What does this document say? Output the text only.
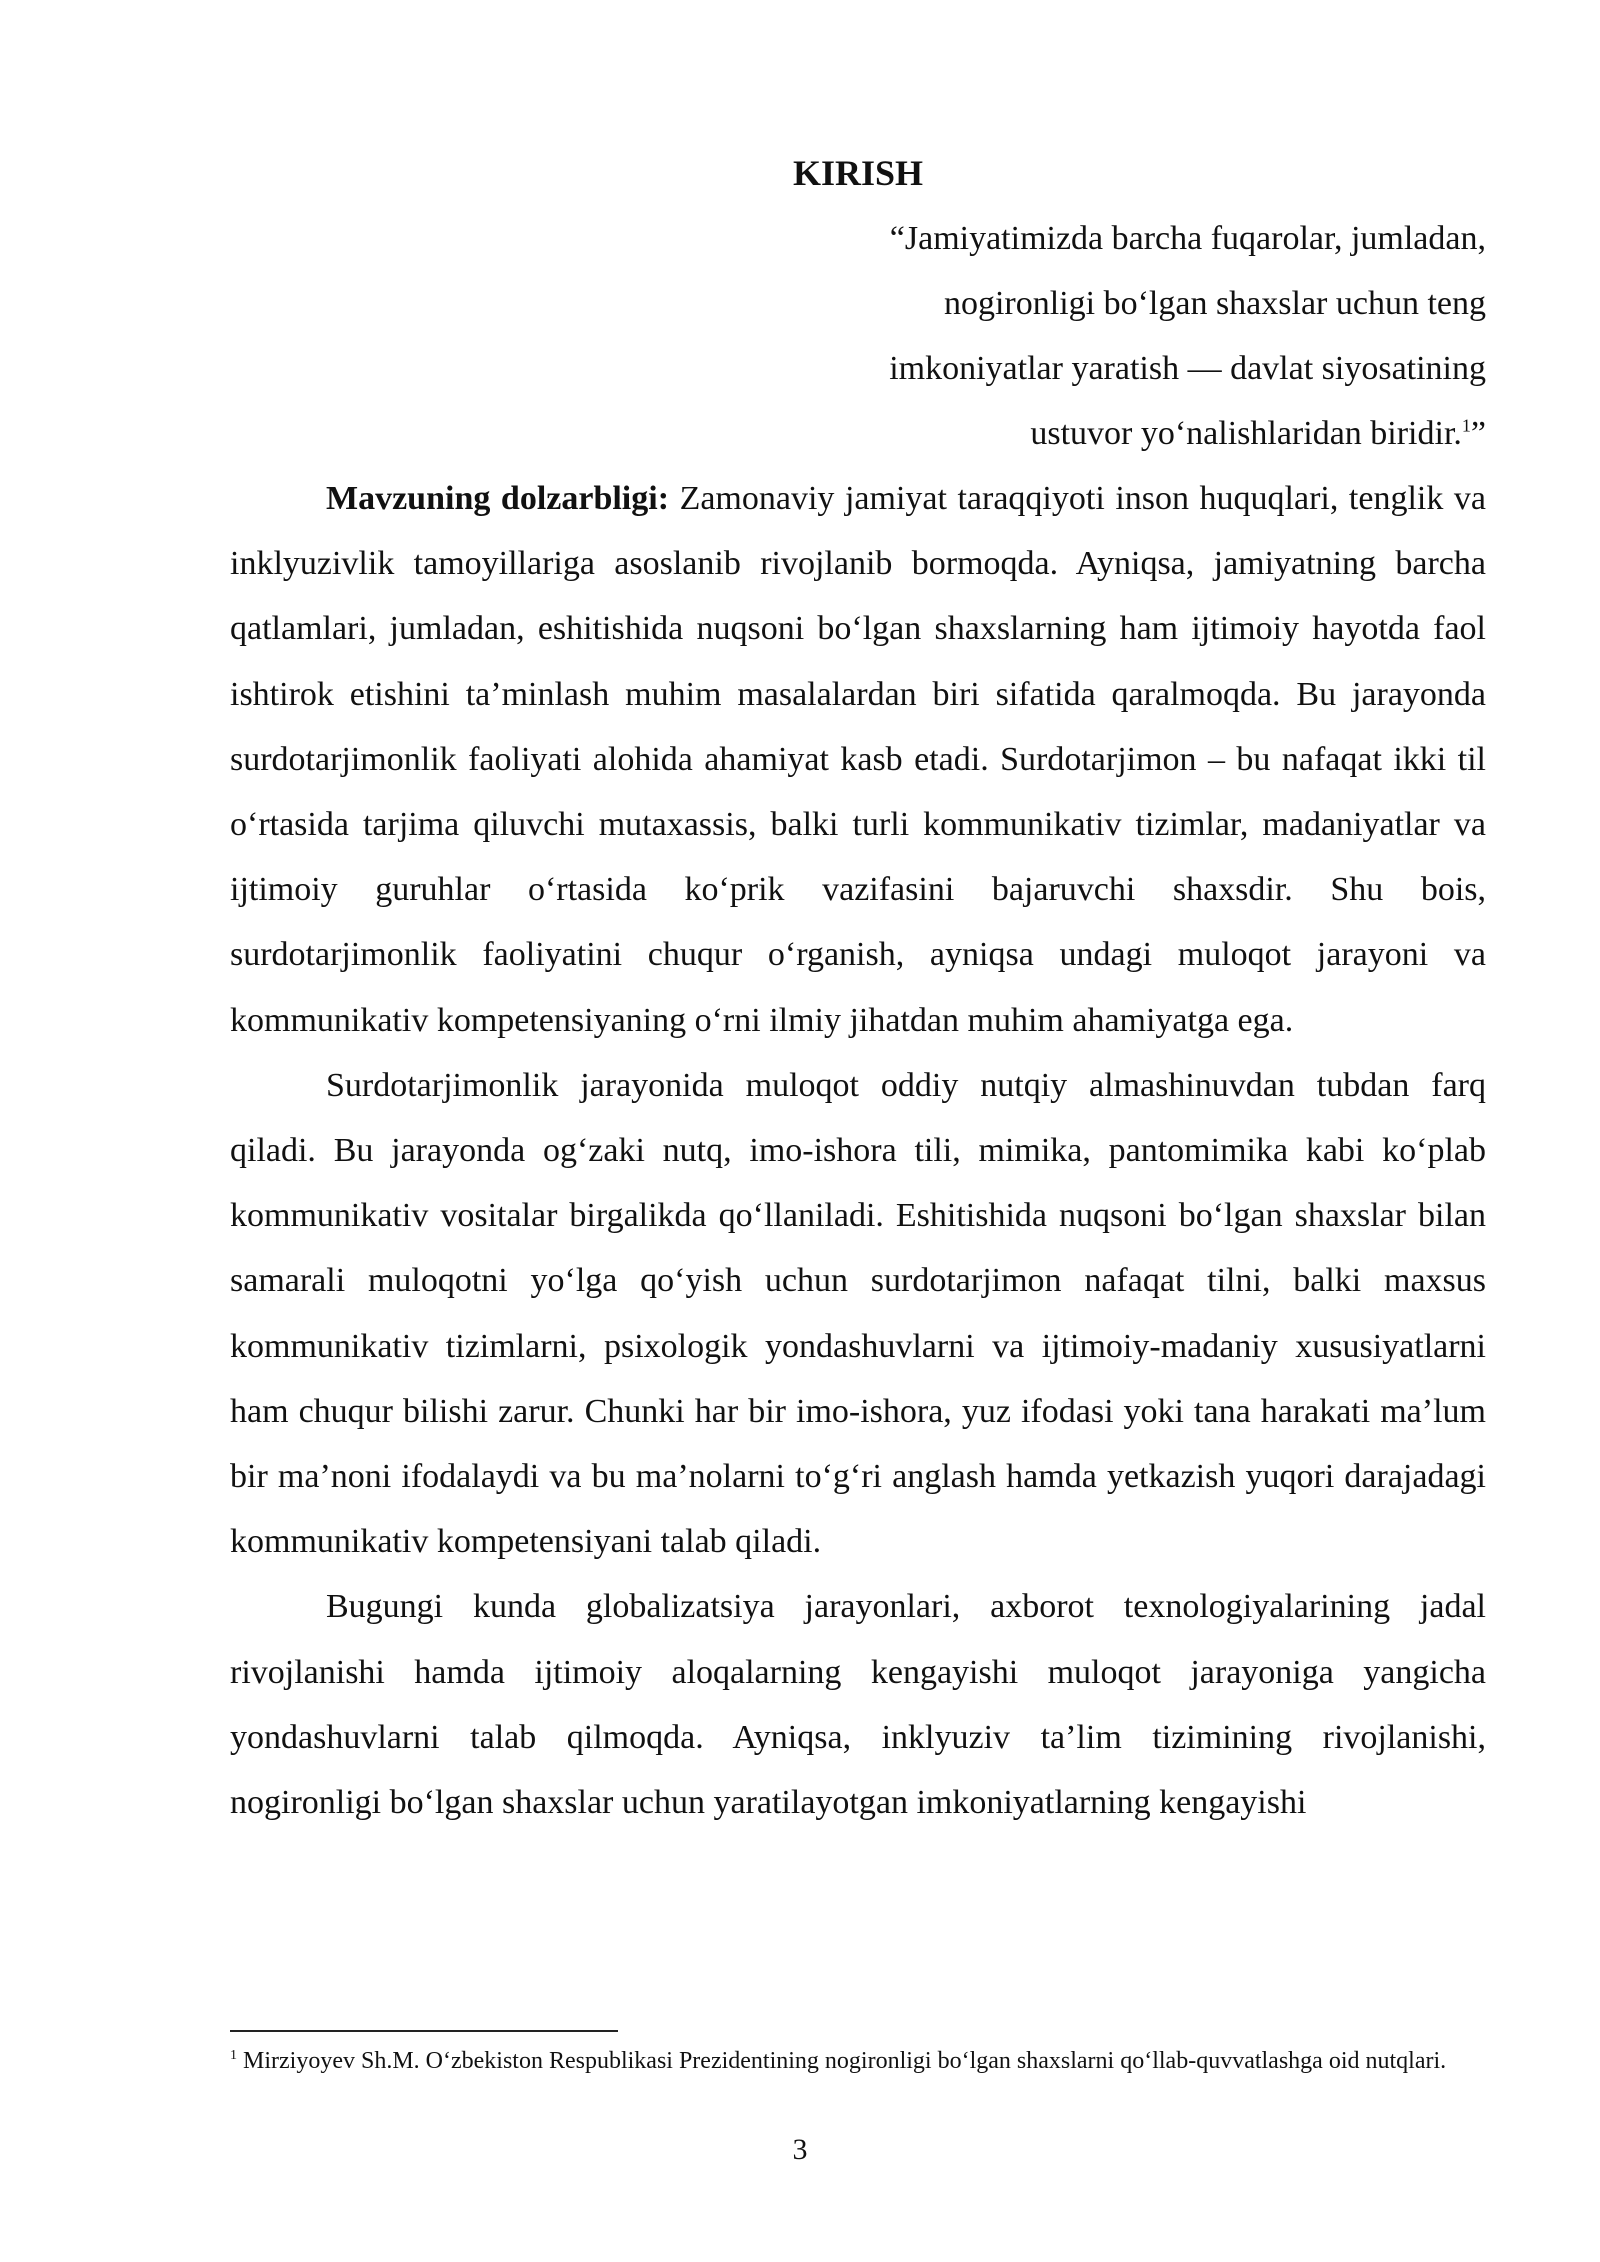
KIRISH
“Jamiyatimizda barcha fuqarolar, jumladan,
nogironligi bo‘lgan shaxslar uchun teng
imkoniyatlar yaratish — davlat siyosatining
ustuvor yo‘nalishlaridan biridir.$^1$”

Mavzuning dolzarbligi: Zamonaviy jamiyat taraqqiyoti inson huquqlari, tenglik va inklyuzivlik tamoyillariga asoslanib rivojlanib bormoqda. Ayniqsa, jamiyatning barcha qatlamlari, jumladan, eshitishida nuqsoni bo‘lgan shaxslarning ham ijtimoiy hayotda faol ishtirok etishini ta’minlash muhim masalalardan biri sifatida qaralmoqda. Bu jarayonda surdotarjimonlik faoliyati alohida ahamiyat kasb etadi. Surdotarjimon – bu nafaqat ikki til o‘rtasida tarjima qiluvchi mutaxassis, balki turli kommunikativ tizimlar, madaniyatlar va ijtimoiy guruhlar o‘rtasida ko‘prik vazifasini bajaruvchi shaxsdir. Shu bois, surdotarjimonlik faoliyatini chuqur o‘rganish, ayniqsa undagi muloqot jarayoni va kommunikativ kompetensiyaning o‘rni ilmiy jihatdan muhim ahamiyatga ega.

Surdotarjimonlik jarayonida muloqot oddiy nutqiy almashinuvdan tubdan farq qiladi. Bu jarayonda og‘zaki nutq, imo-ishora tili, mimika, pantomimika kabi ko‘plab kommunikativ vositalar birgalikda qo‘llaniladi. Eshitishida nuqsoni bo‘lgan shaxslar bilan samarali muloqotni yo‘lga qo‘yish uchun surdotarjimon nafaqat tilni, balki maxsus kommunikativ tizimlarni, psixologik yondashuvlarni va ijtimoiy-madaniy xususiyatlarni ham chuqur bilishi zarur. Chunki har bir imo-ishora, yuz ifodasi yoki tana harakati ma’lum bir ma’noni ifodalaydi va bu ma’nolarni to‘g‘ri anglash hamda yetkazish yuqori darajadagi kommunikativ kompetensiyani talab qiladi.

Bugungi kunda globalizatsiya jarayonlari, axborot texnologiyalarining jadal rivojlanishi hamda ijtimoiy aloqalarning kengayishi muloqot jarayoniga yangicha yondashuvlarni talab qilmoqda. Ayniqsa, inklyuziv ta’lim tizimining rivojlanishi, nogironligi bo‘lgan shaxslar uchun yaratilayotgan imkoniyatlarning kengayishi

$^1$ Mirziyoyev Sh.M. O‘zbekiston Respublikasi Prezidentining nogironligi bo‘lgan shaxslarni qo‘llab-quvvatlashga oid nutqlari.

3
